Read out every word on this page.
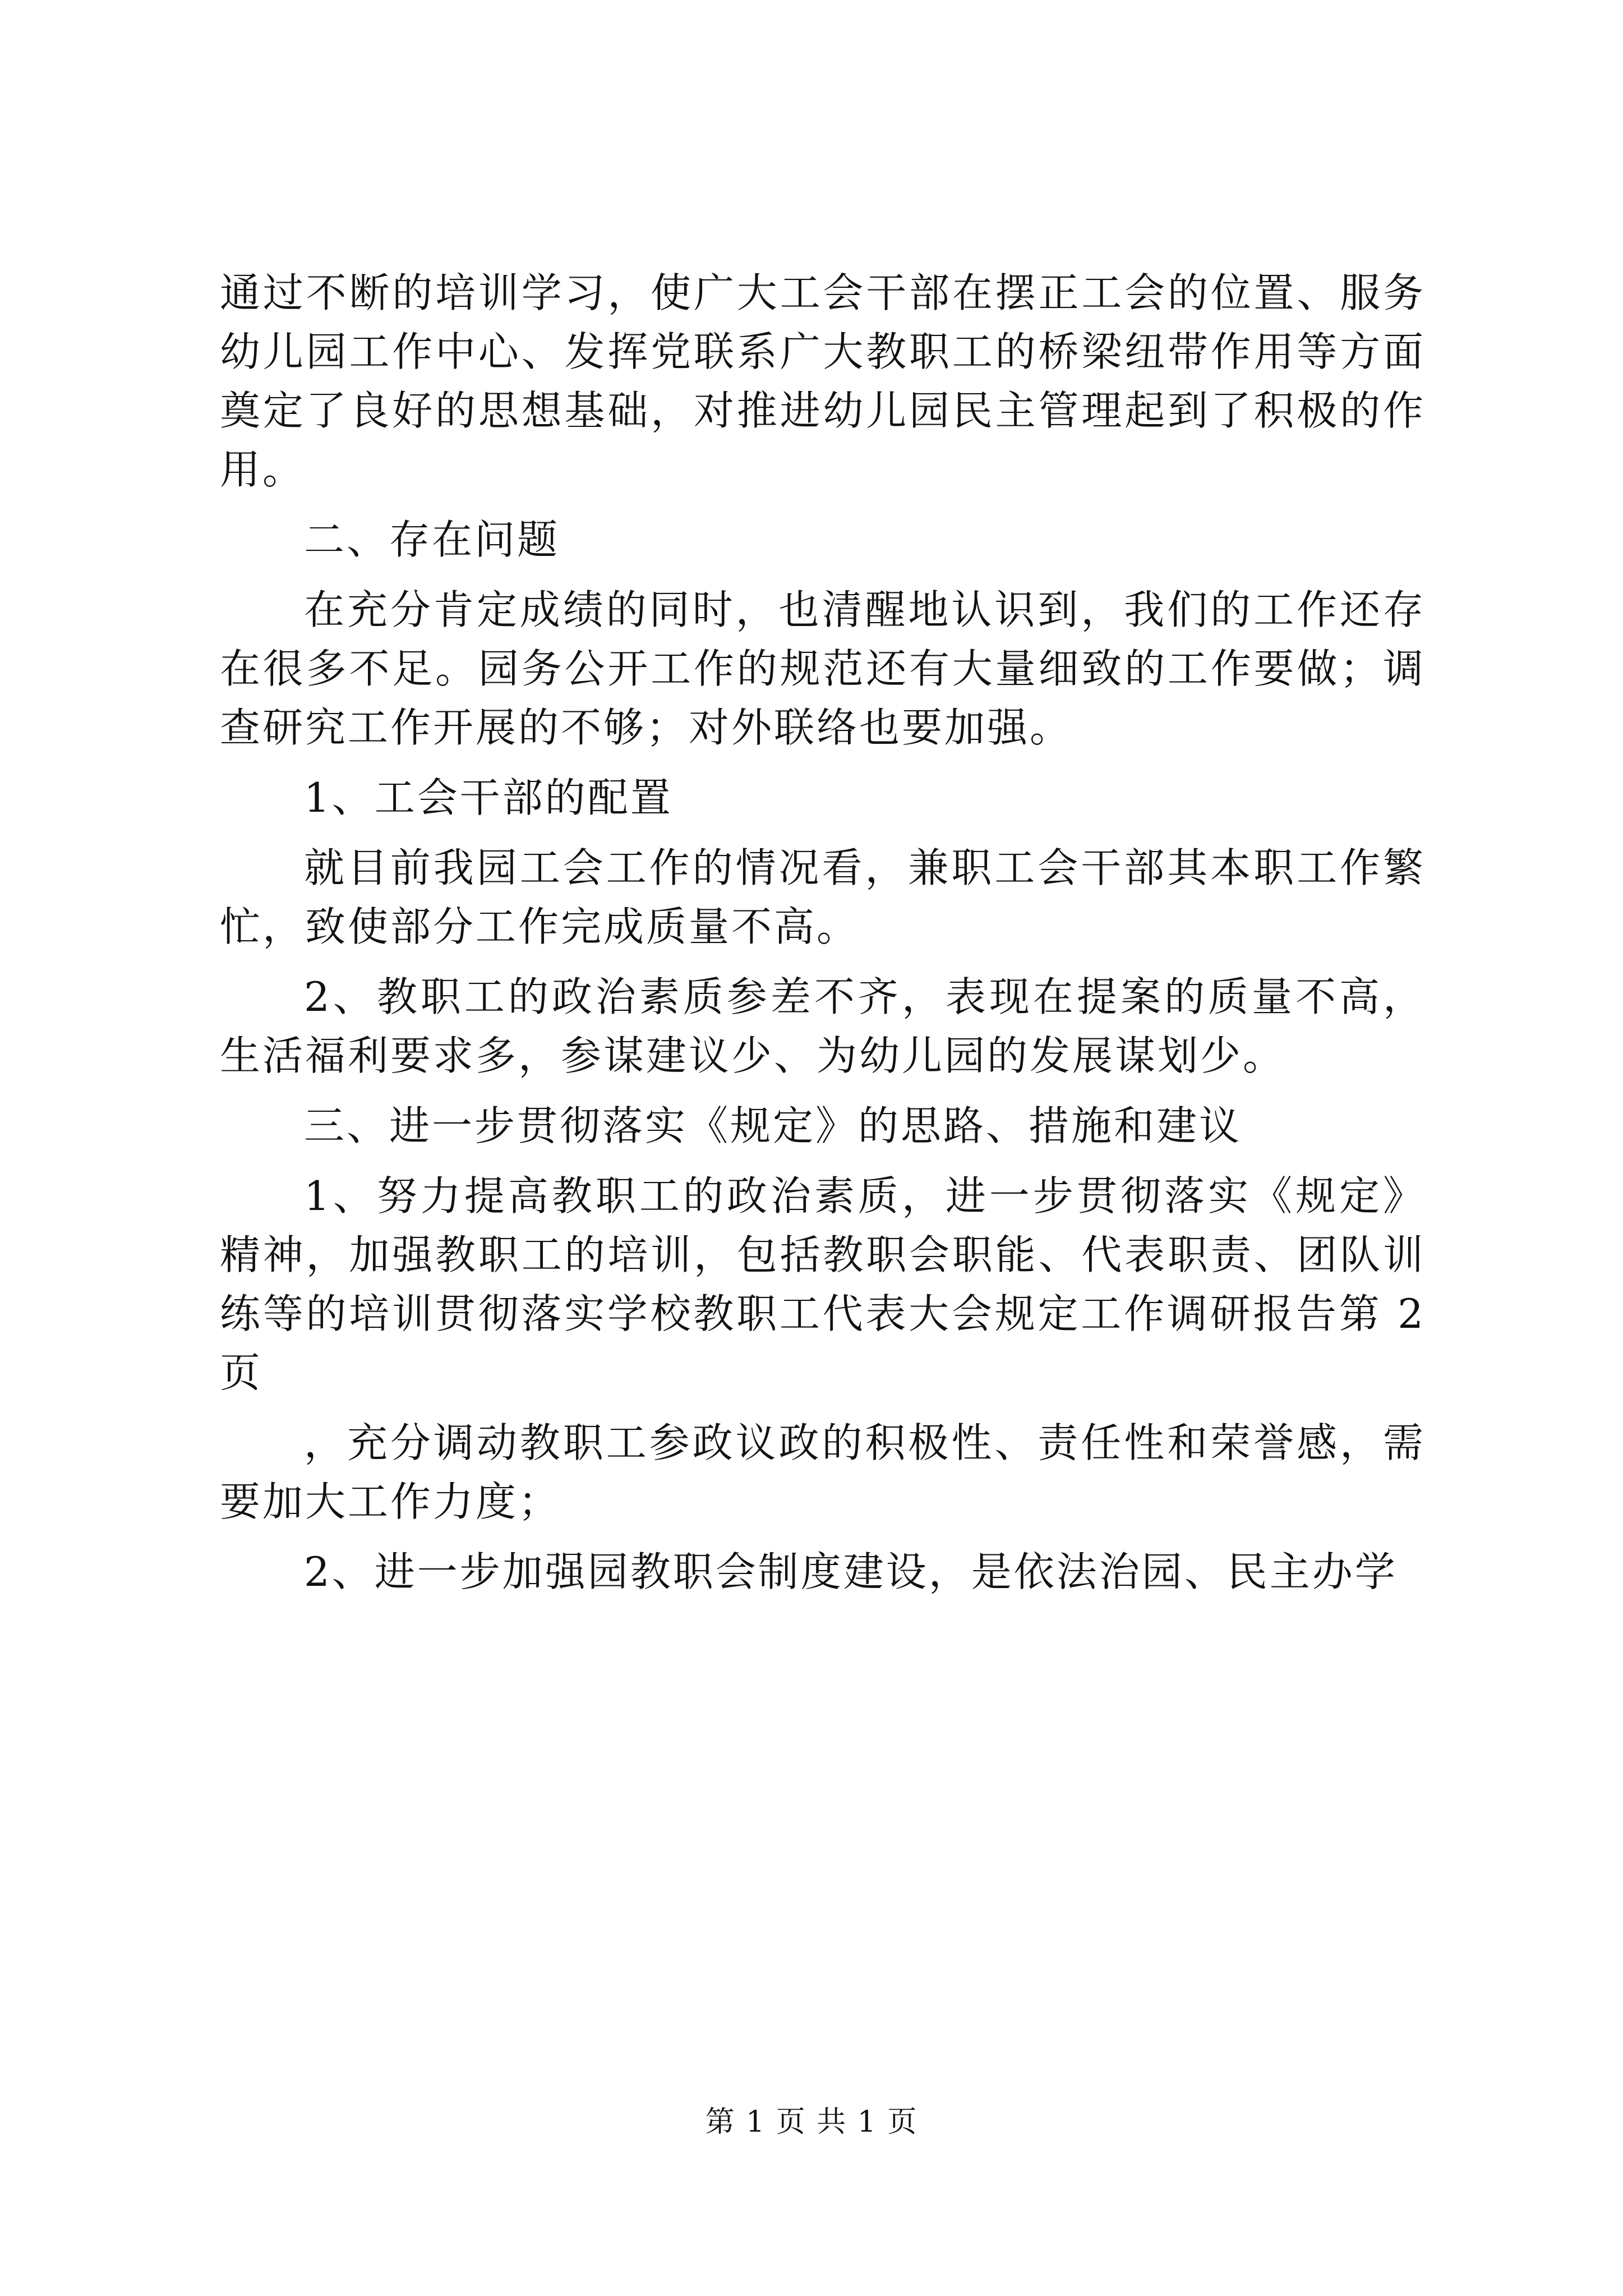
通过不断的培训学习，使广大工会干部在摆正工会的位置、服务幼儿园工作中心、发挥党联系广大教职工的桥梁纽带作用等方面奠定了良好的思想基础，对推进幼儿园民主管理起到了积极的作用。

二、存在问题

在充分肯定成绩的同时，也清醒地认识到，我们的工作还存在很多不足。园务公开工作的规范还有大量细致的工作要做；调查研究工作开展的不够；对外联络也要加强。

1、工会干部的配置

就目前我园工会工作的情况看，兼职工会干部其本职工作繁忙，致使部分工作完成质量不高。

2、教职工的政治素质参差不齐，表现在提案的质量不高，生活福利要求多，参谋建议少、为幼儿园的发展谋划少。

三、进一步贯彻落实《规定》的思路、措施和建议

1、努力提高教职工的政治素质，进一步贯彻落实《规定》精神，加强教职工的培训，包括教职会职能、代表职责、团队训练等的培训贯彻落实学校教职工代表大会规定工作调研报告第 2 页

，充分调动教职工参政议政的积极性、责任性和荣誉感，需要加大工作力度；

2、进一步加强园教职会制度建设，是依法治园、民主办学

第 1 页 共 1 页
